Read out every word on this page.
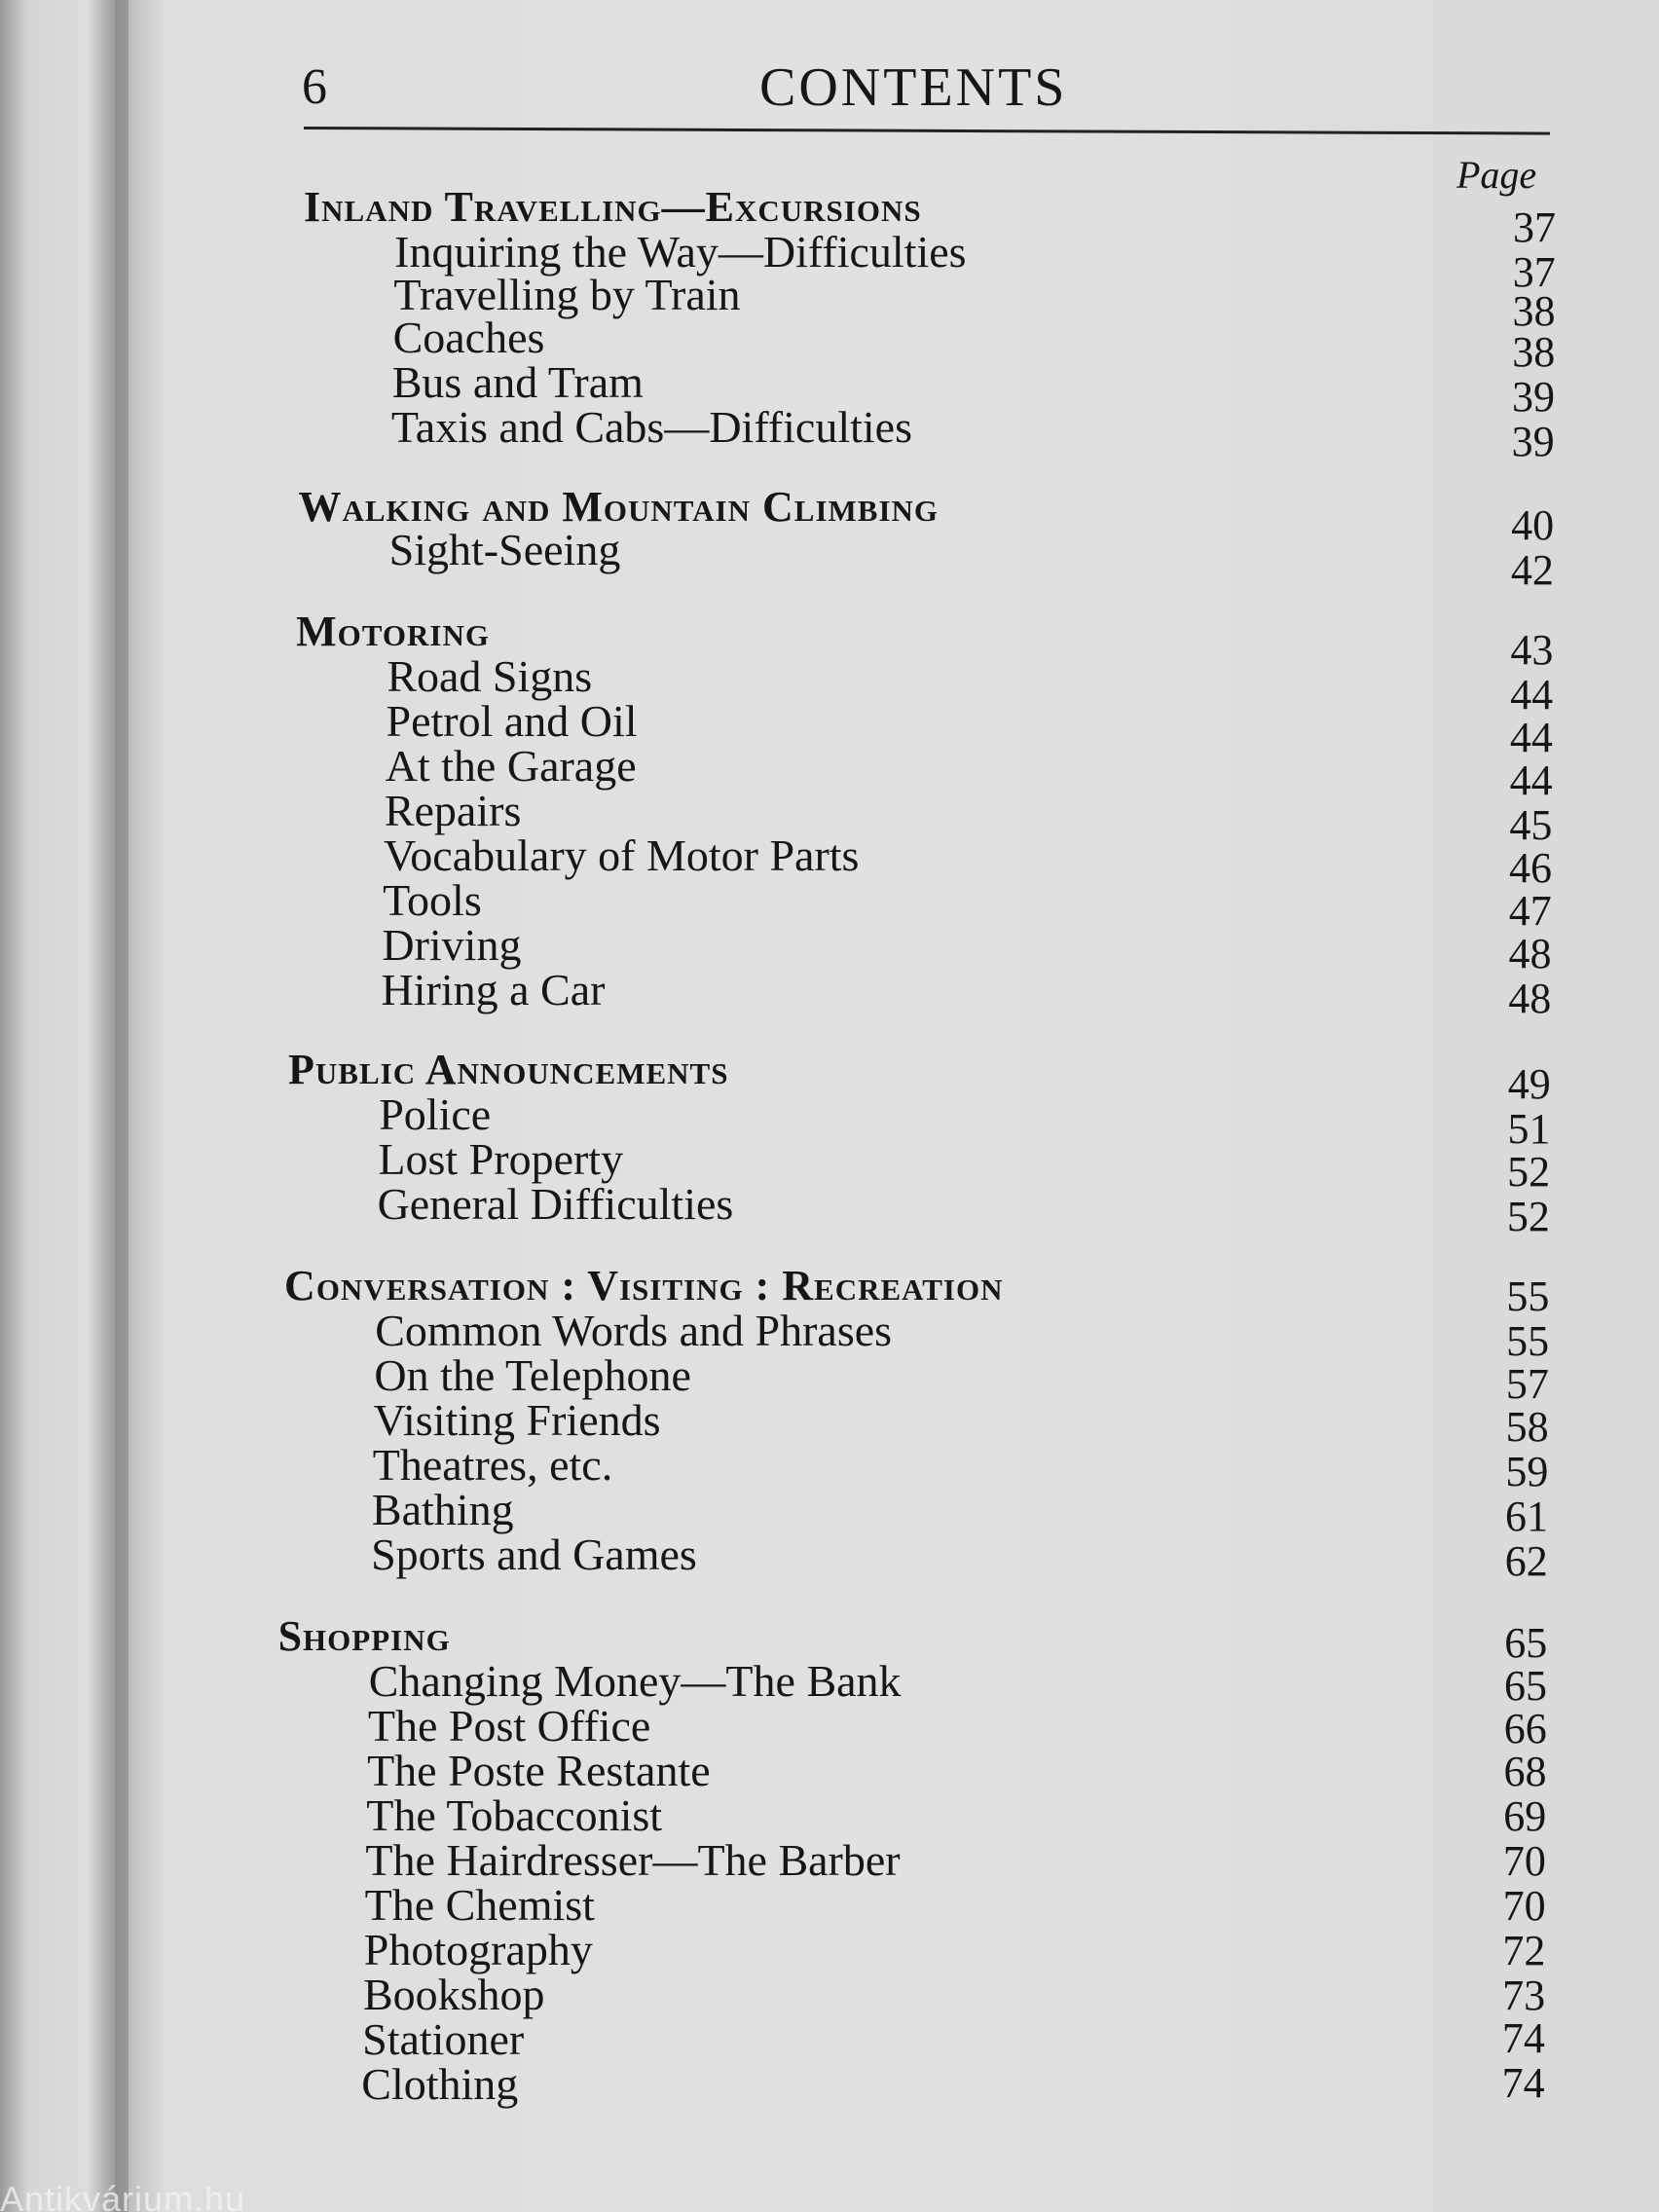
6	CONTENTS
Page
Inland Travelling—Excursions	37
Inquiring the Way—Difficulties	37
Travelling by Train	38
Coaches	38
Bus and Tram	39
Taxis and Cabs—Difficulties	39
Walking and Mountain Climbing	40
Sight-Seeing	42
Motoring	43
Road Signs	44
Petrol and Oil	44
At the Garage	44
Repairs	45
Vocabulary of Motor Parts	46
Tools	47
Driving	48
Hiring a Car	48
Public Announcements	49
Police	51
Lost Property	52
General Difficulties	52
Conversation : Visiting : Recreation	55
Common Words and Phrases	55
On the Telephone	57
Visiting Friends	58
Theatres, etc.	59
Bathing	61
Sports and Games	62
Shopping	65
Changing Money—The Bank	65
The Post Office	66
The Poste Restante	68
The Tobacconist	69
The Hairdresser—The Barber	70
The Chemist	70
Photography	72
Bookshop	73
Stationer	74
Clothing	74
Antikvárium.hu
